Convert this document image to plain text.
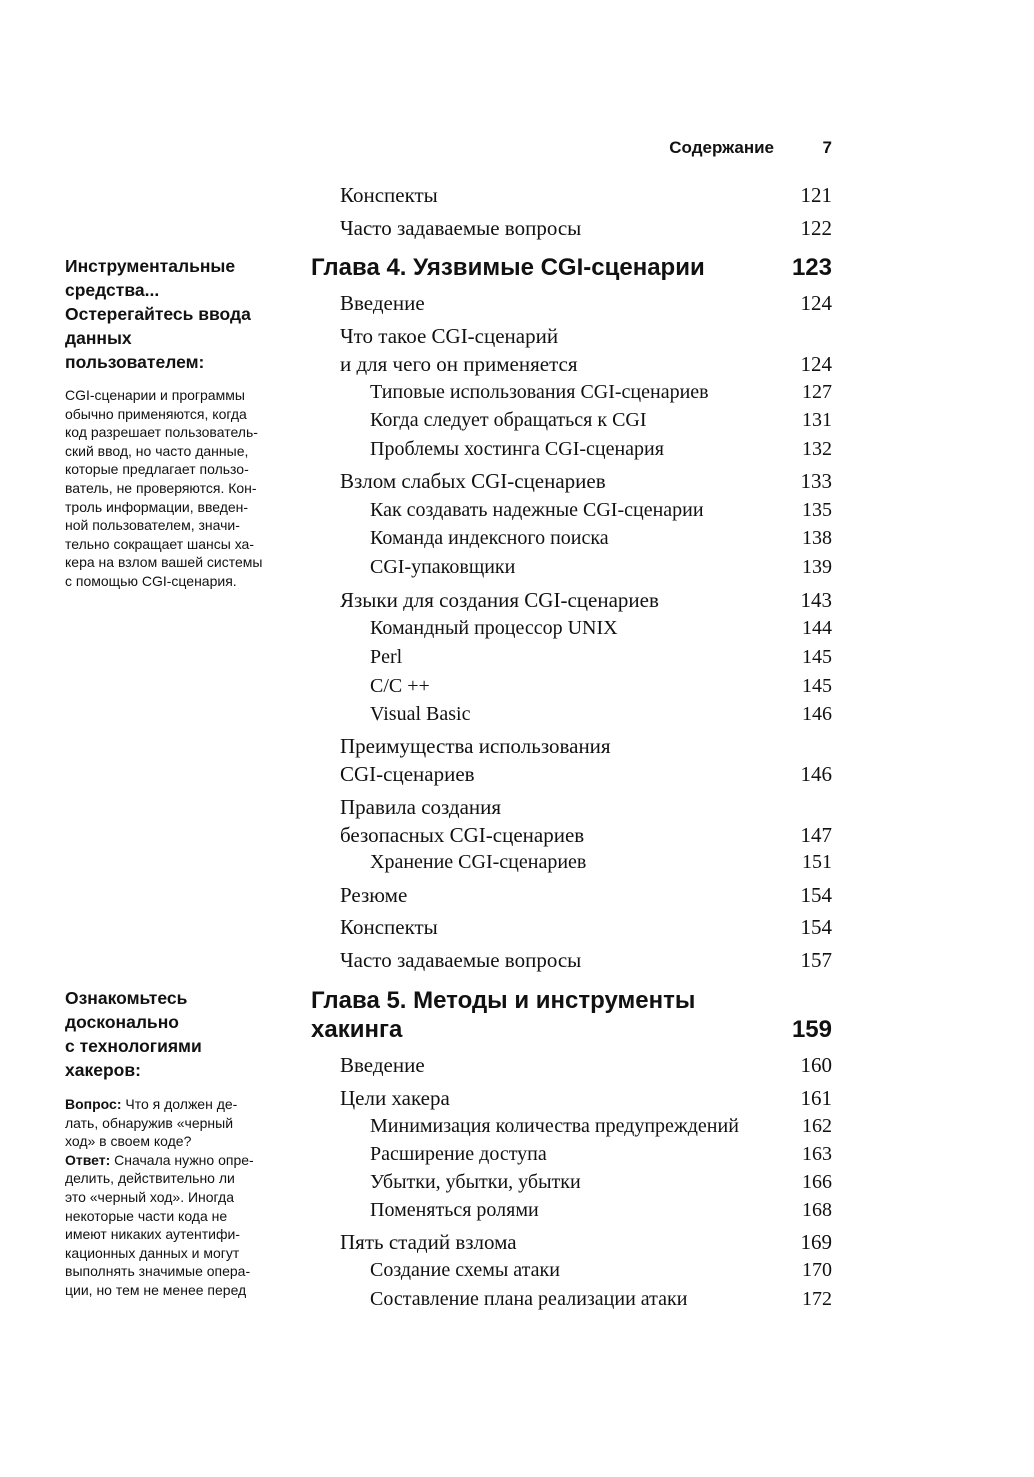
Содержание	7
Инструментальные
средства...
Остерегайтесь ввода
данных
пользователем:
CGI-сценарии и программы
обычно применяются, когда
код разрешает пользователь-
ский ввод, но часто данные,
которые предлагает пользо-
ватель, не проверяются. Кон-
троль информации, введен-
ной пользователем, значи-
тельно сокращает шансы ха-
кера на взлом вашей системы
с помощью CGI-сценария.
Ознакомьтесь
досконально
с технологиями
хакеров:
Вопрос: Что я должен де-
лать, обнаружив «черный
ход» в своем коде?
Ответ: Сначала нужно опре-
делить, действительно ли
это «черный ход». Иногда
некоторые части кода не
имеют никаких аутентифи-
кационных данных и могут
выполнять значимые опера-
ции, но тем не менее перед
Конспекты	121
Часто задаваемые вопросы	122
Глава 4. Уязвимые CGI-сценарии	123
Введение	124
Что такое CGI-сценарий
и для чего он применяется	124
Типовые использования CGI-сценариев	127
Когда следует обращаться к CGI	131
Проблемы хостинга CGI-сценария	132
Взлом слабых CGI-сценариев	133
Как создавать надежные CGI-сценарии	135
Команда индексного поиска	138
CGI-упаковщики	139
Языки для создания CGI-сценариев	143
Командный процессор UNIX	144
Perl	145
C/C ++	145
Visual Basic	146
Преимущества использования
CGI-сценариев	146
Правила создания
безопасных CGI-сценариев	147
Хранение CGI-сценариев	151
Резюме	154
Конспекты	154
Часто задаваемые вопросы	157
Глава 5. Методы и инструменты
хакинга	159
Введение	160
Цели хакера	161
Минимизация количества предупреждений	162
Расширение доступа	163
Убытки, убытки, убытки	166
Поменяться ролями	168
Пять стадий взлома	169
Создание схемы атаки	170
Составление плана реализации атаки	172
